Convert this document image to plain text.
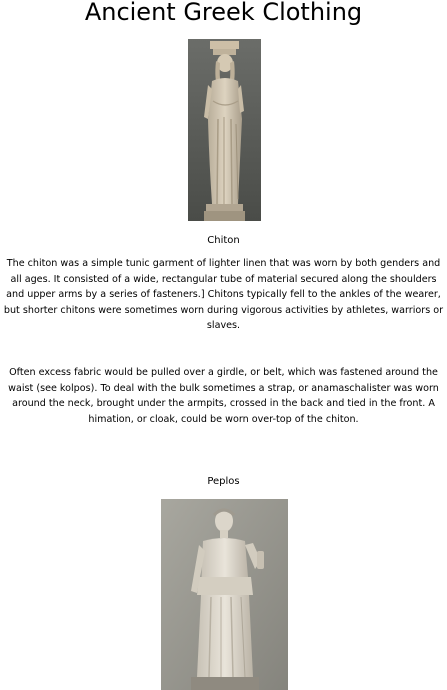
Ancient Greek Clothing

Chiton

The chiton was a simple tunic garment of lighter linen that was worn by both genders and all ages. It consisted of a wide, rectangular tube of material secured along the shoulders and upper arms by a series of fasteners.] Chitons typically fell to the ankles of the wearer, but shorter chitons were sometimes worn during vigorous activities by athletes, warriors or slaves.

Often excess fabric would be pulled over a girdle, or belt, which was fastened around the waist (see kolpos). To deal with the bulk sometimes a strap, or anamaschalister was worn around the neck, brought under the armpits, crossed in the back and tied in the front. A himation, or cloak, could be worn over-top of the chiton.

Peplos
